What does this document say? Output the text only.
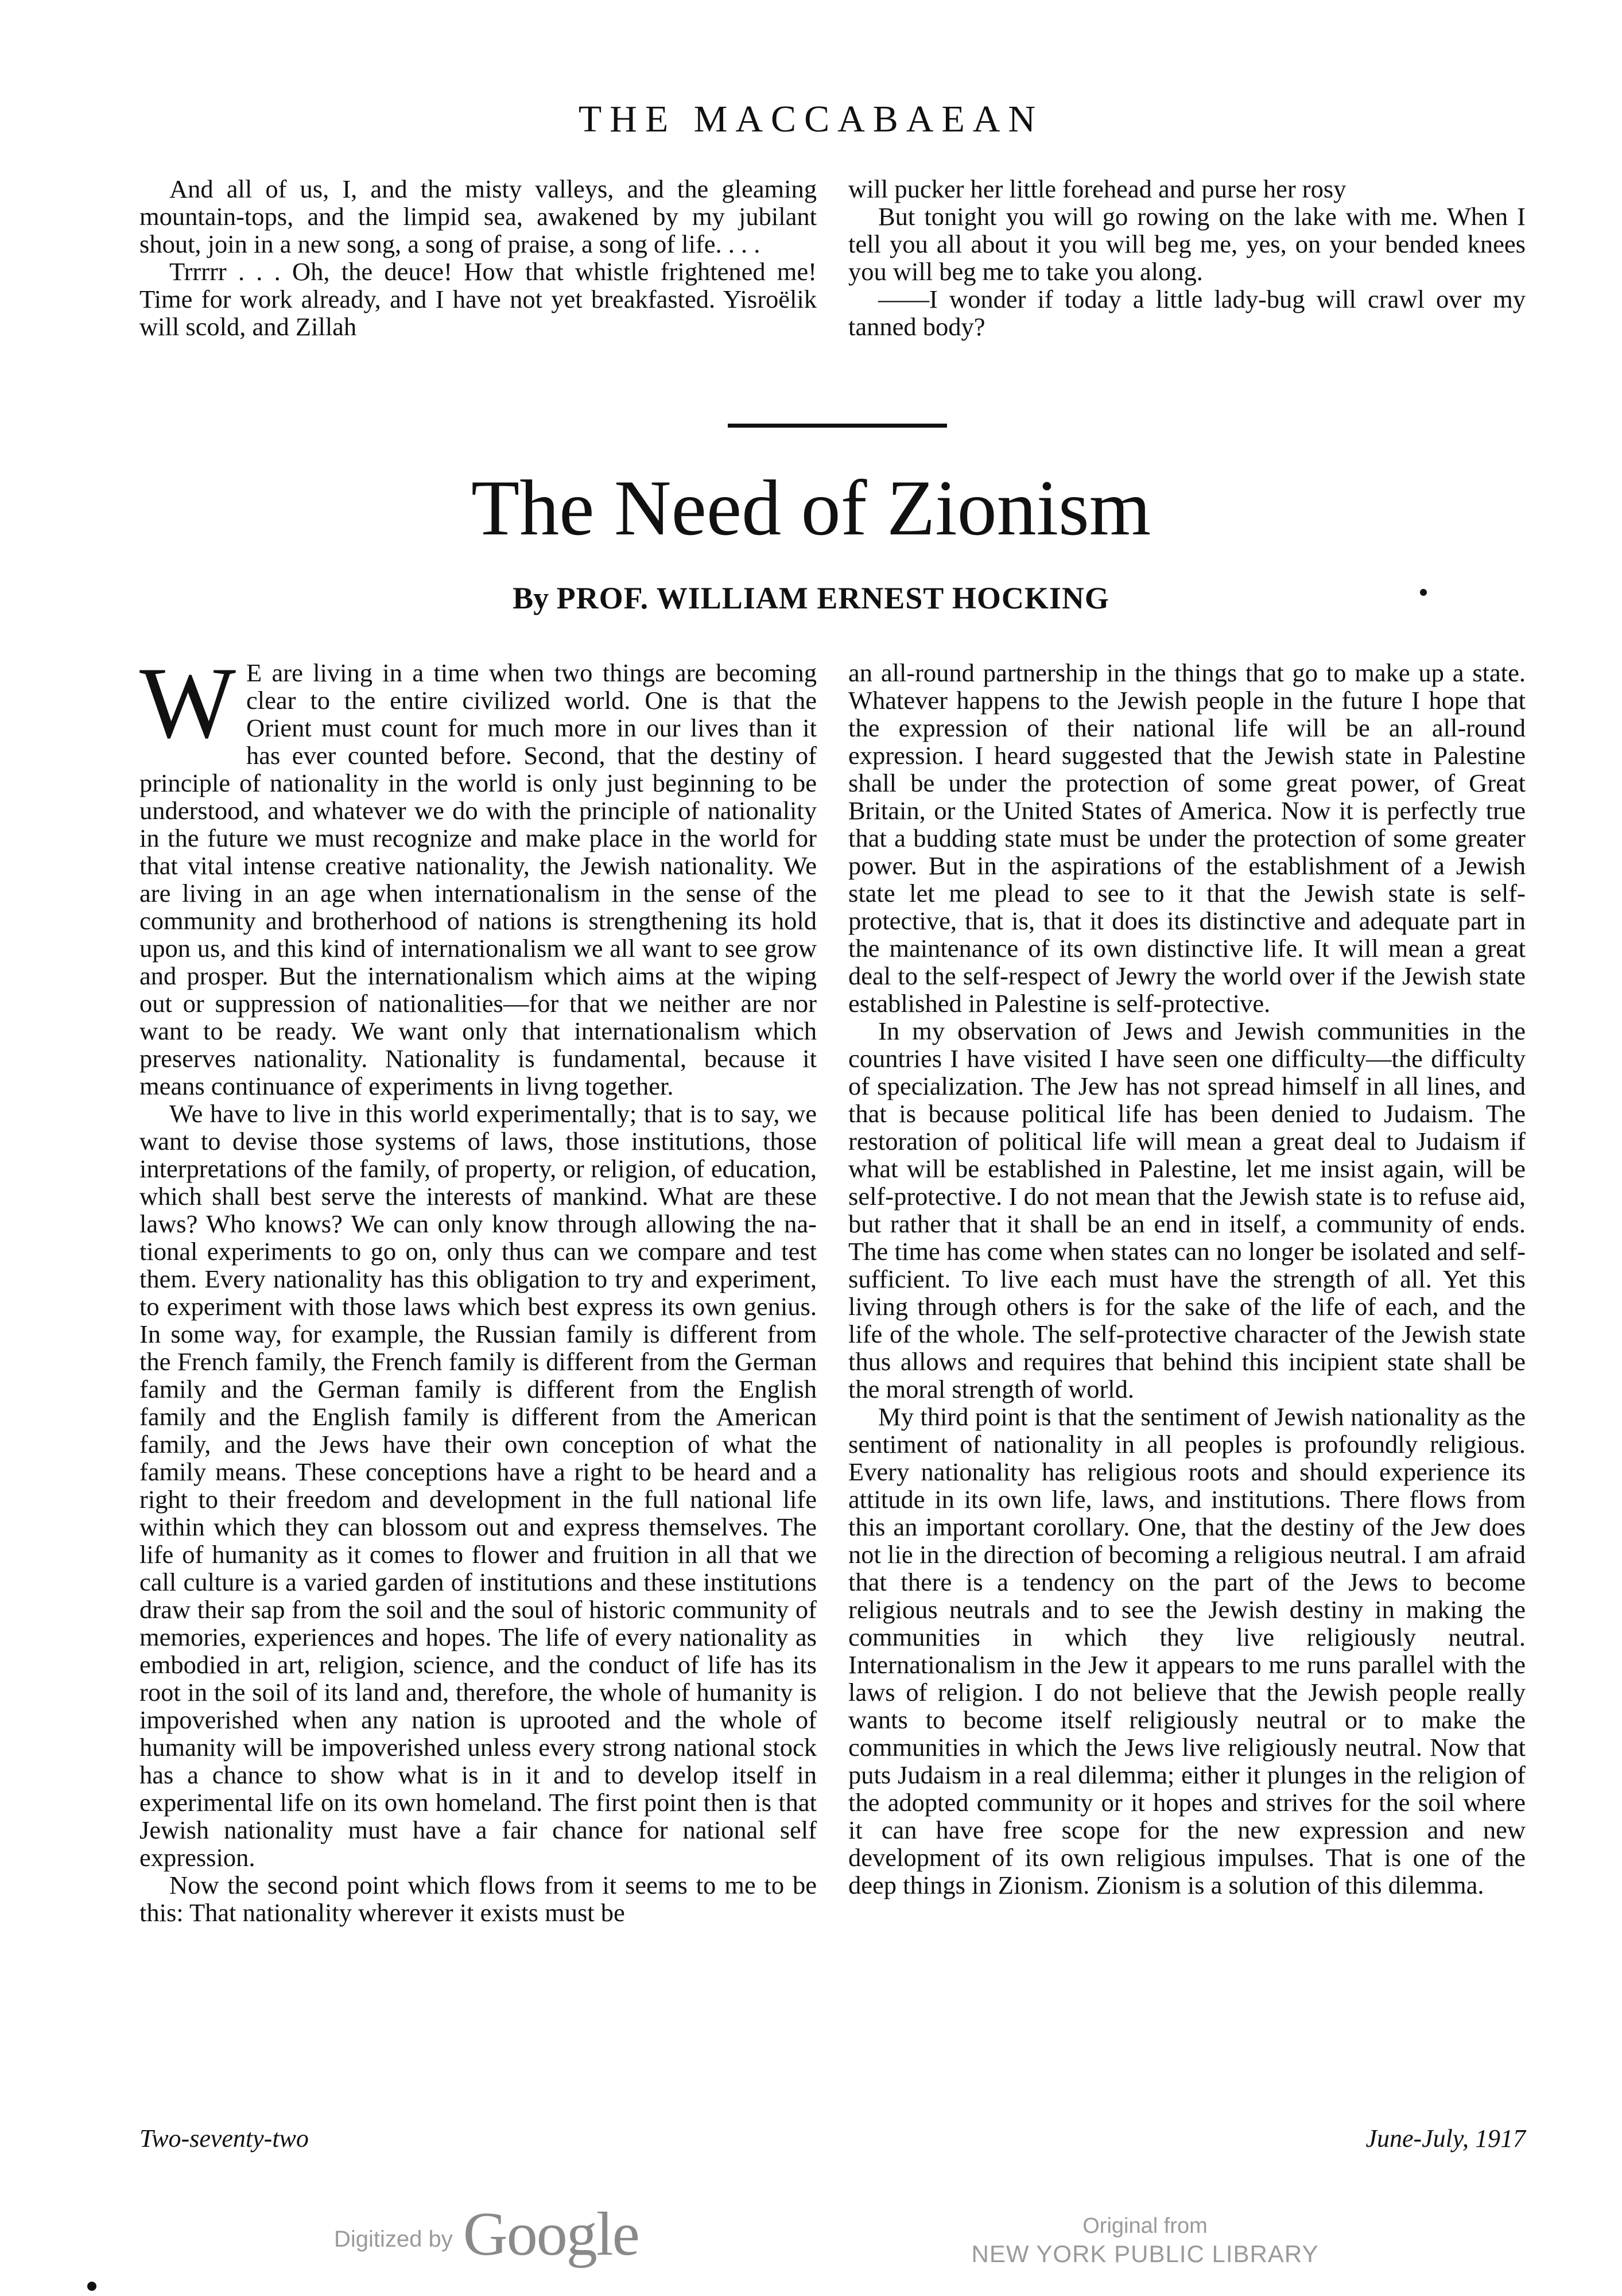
THE MACCABAEAN

And all of us, I, and the misty valleys, and the gleaming mountain-tops, and the limpid sea, awakened by my jubilant shout, join in a new song, a song of praise, a song of life. . . .

Trrrrr . . . Oh, the deuce! How that whistle frightened me! Time for work already, and I have not yet breakfasted. Yisroëlik will scold, and Zillah

will pucker her little forehead and purse her rosy

But tonight you will go rowing on the lake with me. When I tell you all about it you will beg me, yes, on your bended knees you will beg me to take you along.

——I wonder if today a little lady-bug will crawl over my tanned body?

The Need of Zionism
By PROF. WILLIAM ERNEST HOCKING

W E are living in a time when two things are becoming clear to the entire civilized world. One is that the Orient must count for much more in our lives than it has ever counted before. Second, that the destiny of principle of nationality in the world is only just beginning to be understood, and whatever we do with the principle of nationality in the future we must recognize and make place in the world for that vital intense creative nationality, the Jewish nationality. We are living in an age when internationalism in the sense of the community and brotherhood of nations is strengthening its hold upon us, and this kind of internationalism we all want to see grow and prosper. But the internationalism which aims at the wiping out or suppression of nationalities—for that we neither are nor want to be ready. We want only that internationalism which preserves nationality. Nationality is fundamental, because it means continuance of experiments in livng together.

We have to live in this world experimentally; that is to say, we want to devise those systems of laws, those institutions, those interpretations of the family, of property, or religion, of education, which shall best serve the interests of mankind. What are these laws? Who knows? We can only know through allowing the national experiments to go on, only thus can we compare and test them. Every nationality has this obligation to try and experiment, to experiment with those laws which best express its own genius. In some way, for example, the Russian family is different from the French family, the French family is different from the German family and the German family is different from the English family and the English family is different from the American family, and the Jews have their own conception of what the family means. These conceptions have a right to be heard and a right to their freedom and development in the full national life within which they can blossom out and express themselves. The life of humanity as it comes to flower and fruition in all that we call culture is a varied garden of institutions and these institutions draw their sap from the soil and the soul of historic community of memories, experiences and hopes. The life of every nationality as embodied in art, religion, science, and the conduct of life has its root in the soil of its land and, therefore, the whole of humanity is impoverished when any nation is uprooted and the whole of humanity will be impoverished unless every strong national stock has a chance to show what is in it and to develop itself in experimental life on its own homeland. The first point then is that Jewish nationality must have a fair chance for national self expression.

Now the second point which flows from it seems to me to be this: That nationality wherever it exists must be

an all-round partnership in the things that go to make up a state. Whatever happens to the Jewish people in the future I hope that the expression of their national life will be an all-round expression. I heard suggested that the Jewish state in Palestine shall be under the protection of some great power, of Great Britain, or the United States of America. Now it is perfectly true that a budding state must be under the protection of some greater power. But in the aspirations of the establishment of a Jewish state let me plead to see to it that the Jewish state is self-protective, that is, that it does its distinctive and adequate part in the maintenance of its own distinctive life. It will mean a great deal to the self-respect of Jewry the world over if the Jewish state established in Palestine is self-protective.

In my observation of Jews and Jewish communities in the countries I have visited I have seen one difficulty—the difficulty of specialization. The Jew has not spread himself in all lines, and that is because political life has been denied to Judaism. The restoration of political life will mean a great deal to Judaism if what will be established in Palestine, let me insist again, will be self-protective. I do not mean that the Jewish state is to refuse aid, but rather that it shall be an end in itself, a community of ends. The time has come when states can no longer be isolated and self-sufficient. To live each must have the strength of all. Yet this living through others is for the sake of the life of each, and the life of the whole. The self-protective character of the Jewish state thus allows and requires that behind this incipient state shall be the moral strength of world.

My third point is that the sentiment of Jewish nationality as the sentiment of nationality in all peoples is profoundly religious. Every nationality has religious roots and should experience its attitude in its own life, laws, and institutions. There flows from this an important corollary. One, that the destiny of the Jew does not lie in the direction of becoming a religious neutral. I am afraid that there is a tendency on the part of the Jews to become religious neutrals and to see the Jewish destiny in making the communities in which they live religiously neutral. Internationalism in the Jew it appears to me runs parallel with the laws of religion. I do not believe that the Jewish people really wants to become itself religiously neutral or to make the communities in which the Jews live religiously neutral. Now that puts Judaism in a real dilemma; either it plunges in the religion of the adopted community or it hopes and strives for the soil where it can have free scope for the new expression and new development of its own religious impulses. That is one of the deep things in Zionism. Zionism is a solution of this dilemma.

Two-seventy-two	June-July, 1917
Digitized by Google	Original from
NEW YORK PUBLIC LIBRARY
